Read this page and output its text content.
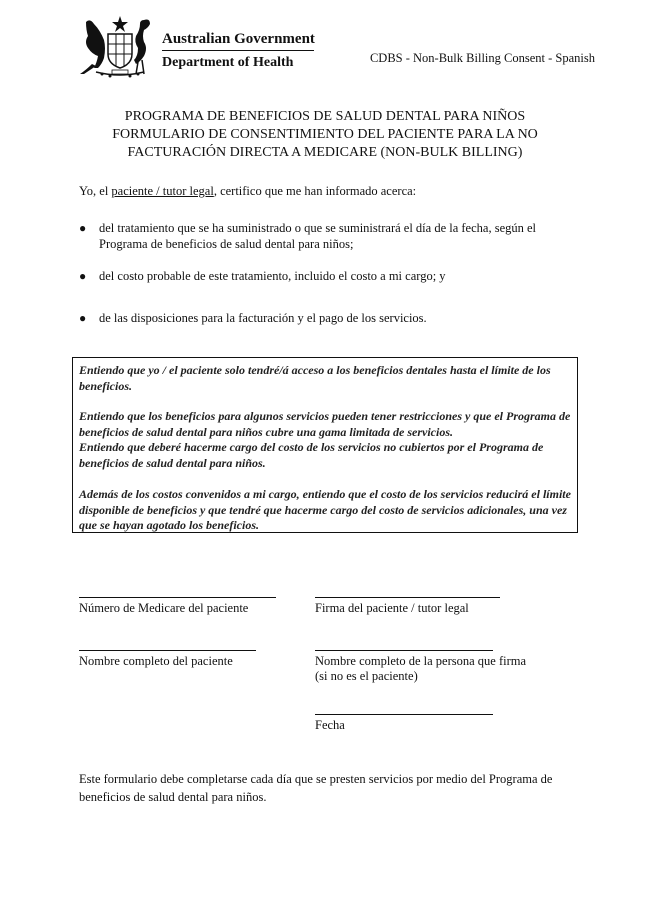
Australian Government
Department of Health	CDBS - Non-Bulk Billing Consent - Spanish
PROGRAMA DE BENEFICIOS DE SALUD DENTAL PARA NIÑOS
FORMULARIO DE CONSENTIMIENTO DEL PACIENTE PARA LA NO
FACTURACIÓN DIRECTA A MEDICARE (NON-BULK BILLING)
Yo, el paciente / tutor legal, certifico que me han informado acerca:
● del tratamiento que se ha suministrado o que se suministrará el día de la fecha, según el Programa de beneficios de salud dental para niños;
● del costo probable de este tratamiento, incluido el costo a mi cargo; y
● de las disposiciones para la facturación y el pago de los servicios.

Entiendo que yo / el paciente solo tendré/á acceso a los beneficios dentales hasta el límite de los beneficios.

Entiendo que los beneficios para algunos servicios pueden tener restricciones y que el Programa de beneficios de salud dental para niños cubre una gama limitada de servicios.

Entiendo que deberé hacerme cargo del costo de los servicios no cubiertos por el Programa de beneficios de salud dental para niños.

Además de los costos convenidos a mi cargo, entiendo que el costo de los servicios reducirá el límite disponible de beneficios y que tendré que hacerme cargo del costo de servicios adicionales, una vez que se hayan agotado los beneficios.

Número de Medicare del paciente	Firma del paciente / tutor legal
Nombre completo del paciente	Nombre completo de la persona que firma
(si no es el paciente)
Fecha
Este formulario debe completarse cada día que se presten servicios por medio del Programa de beneficios de salud dental para niños.
